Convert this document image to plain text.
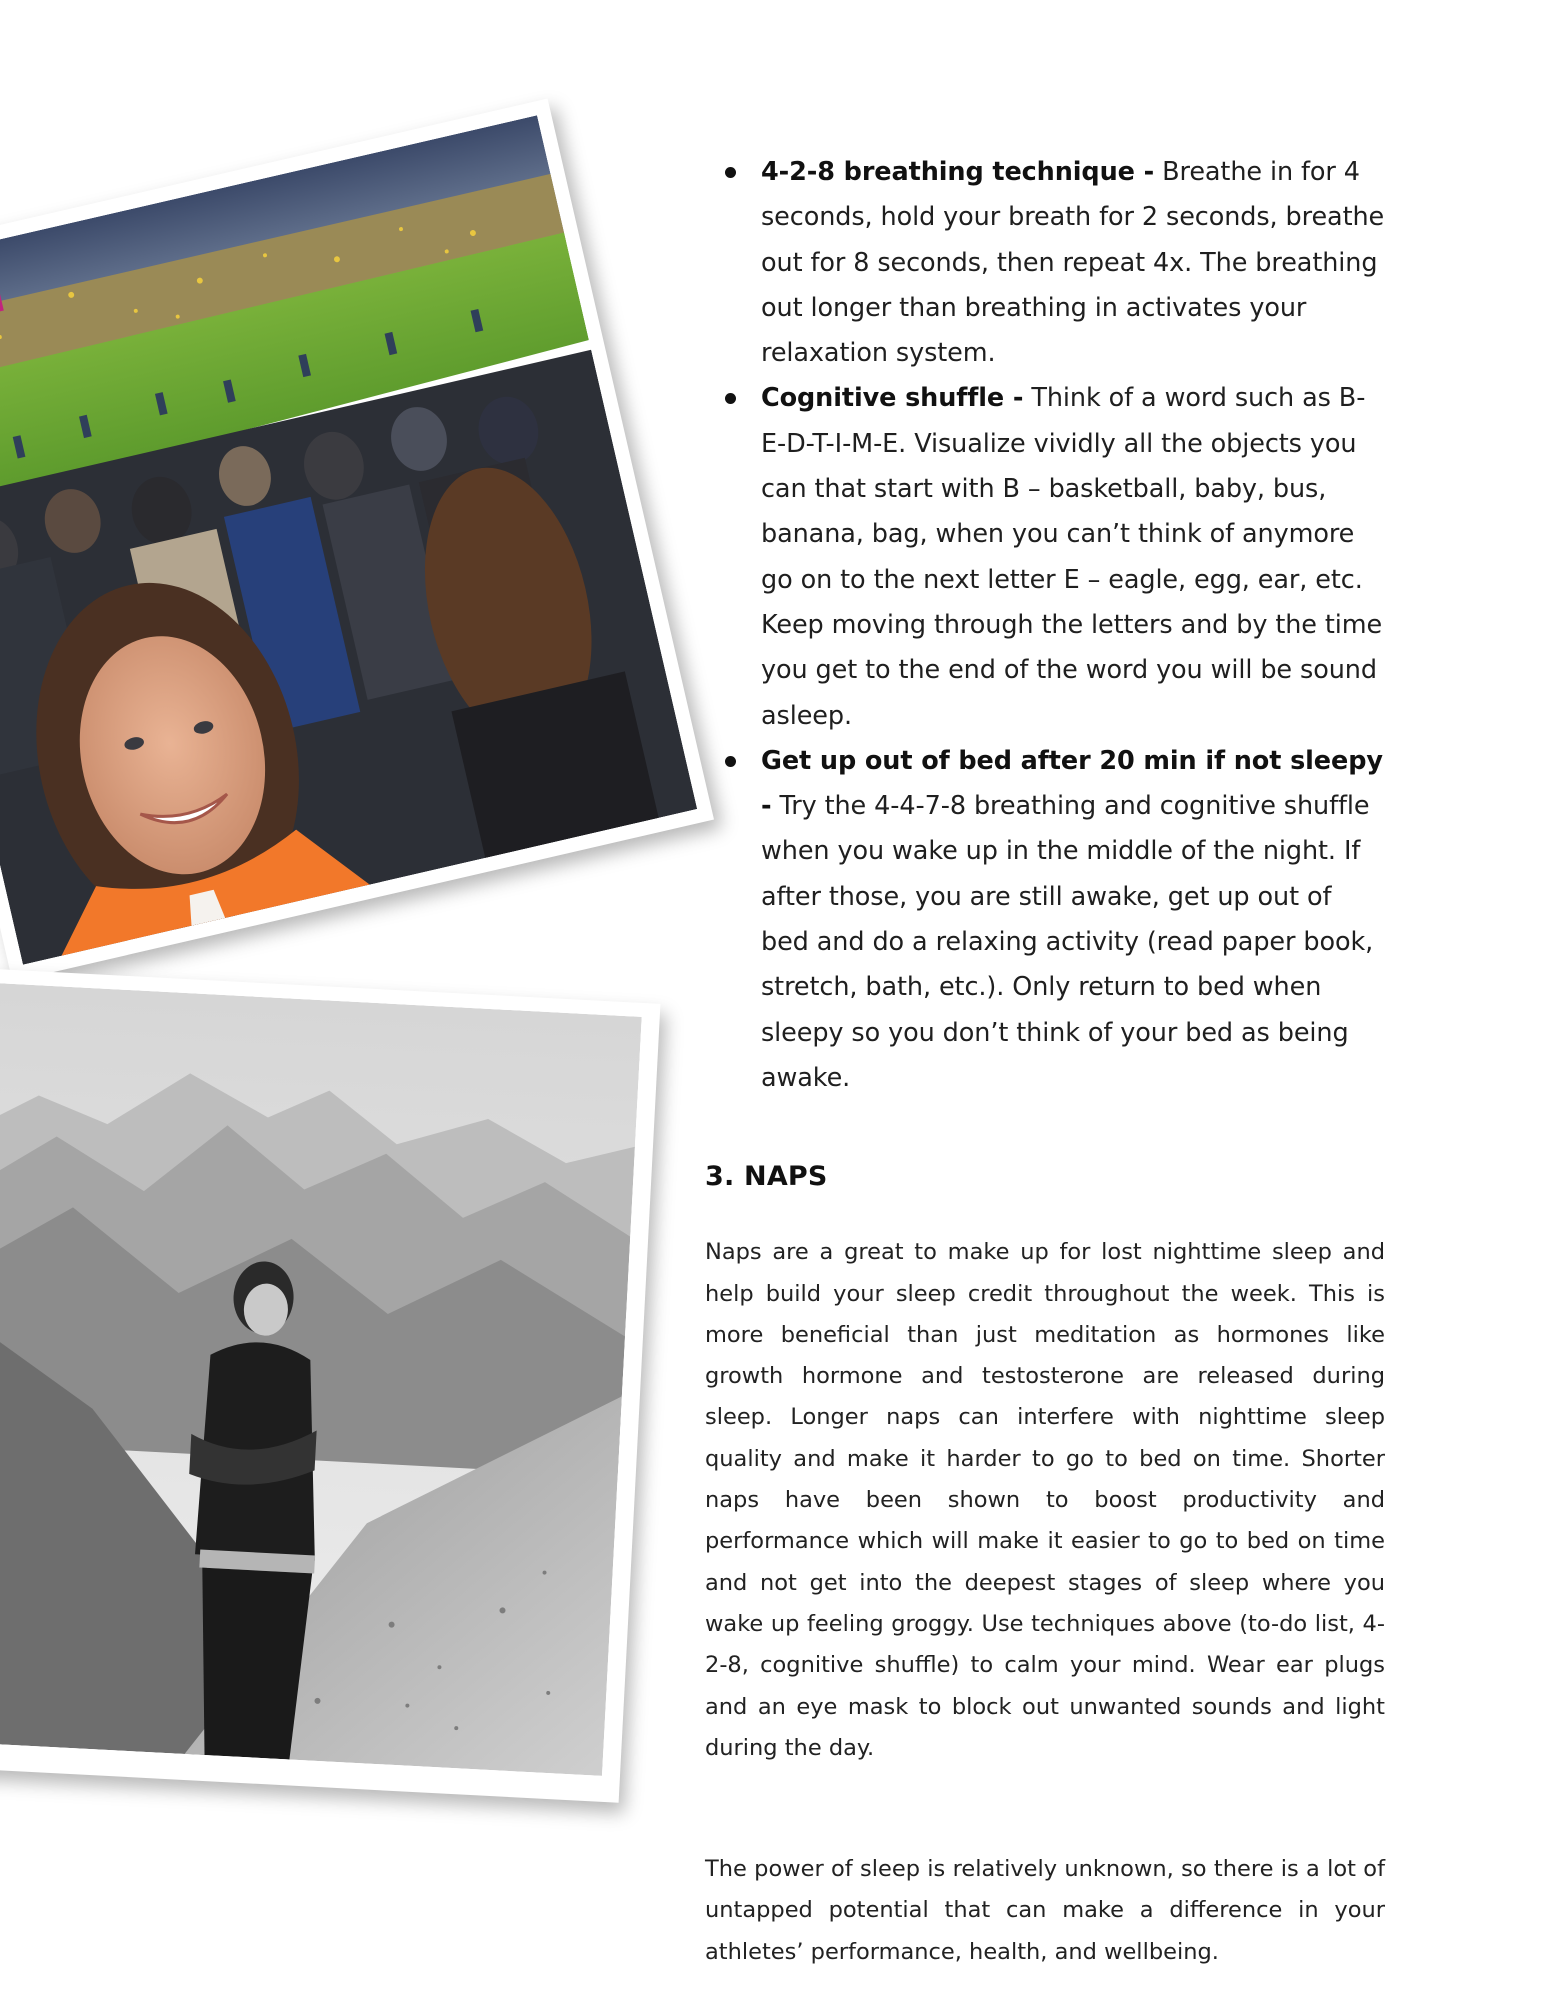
4-2-8 breathing technique - Breathe in for 4 seconds, hold your breath for 2 seconds, breathe out for 8 seconds, then repeat 4x. The breathing out longer than breathing in activates your relaxation system.
Cognitive shuffle - Think of a word such as B-E-D-T-I-M-E. Visualize vividly all the objects you can that start with B – basketball, baby, bus, banana, bag, when you can’t think of anymore go on to the next letter E – eagle, egg, ear, etc. Keep moving through the letters and by the time you get to the end of the word you will be sound asleep.
Get up out of bed after 20 min if not sleepy - Try the 4-4-7-8 breathing and cognitive shuffle when you wake up in the middle of the night. If after those, you are still awake, get up out of bed and do a relaxing activity (read paper book, stretch, bath, etc.). Only return to bed when sleepy so you don’t think of your bed as being awake.
3. NAPS

Naps are a great to make up for lost nighttime sleep and help build your sleep credit throughout the week. This is more beneficial than just meditation as hormones like growth hormone and testosterone are released during sleep. Longer naps can interfere with nighttime sleep quality and make it harder to go to bed on time. Shorter naps have been shown to boost productivity and performance which will make it easier to go to bed on time and not get into the deepest stages of sleep where you wake up feeling groggy. Use techniques above (to-do list, 4-2-8, cognitive shuffle) to calm your mind. Wear ear plugs and an eye mask to block out unwanted sounds and light during the day.

The power of sleep is relatively unknown, so there is a lot of untapped potential that can make a difference in your athletes’ performance, health, and wellbeing.
